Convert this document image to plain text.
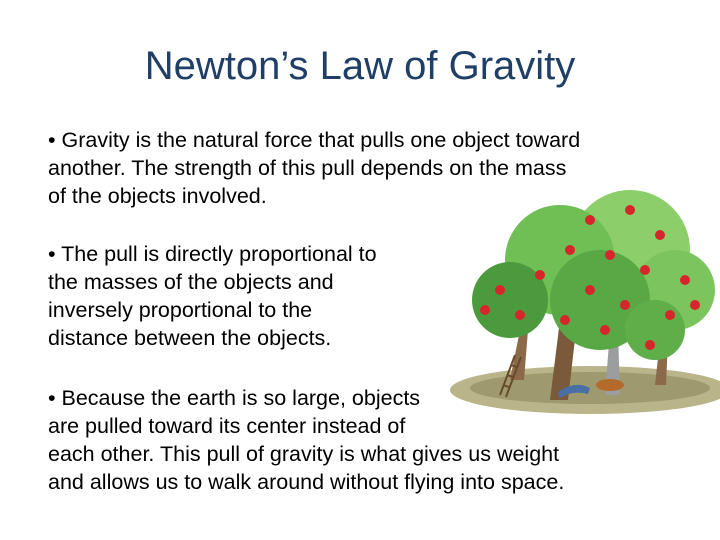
Newton’s Law of Gravity
• Gravity is the natural force that pulls one object toward
another. The strength of this pull depends on the mass
of the objects involved.
• The pull is directly proportional to
the masses of the objects and
inversely proportional to the
distance between the objects.
• Because the earth is so large, objects
are pulled toward its center instead of
each other. This pull of gravity is what gives us weight
and allows us to walk around without flying into space.
